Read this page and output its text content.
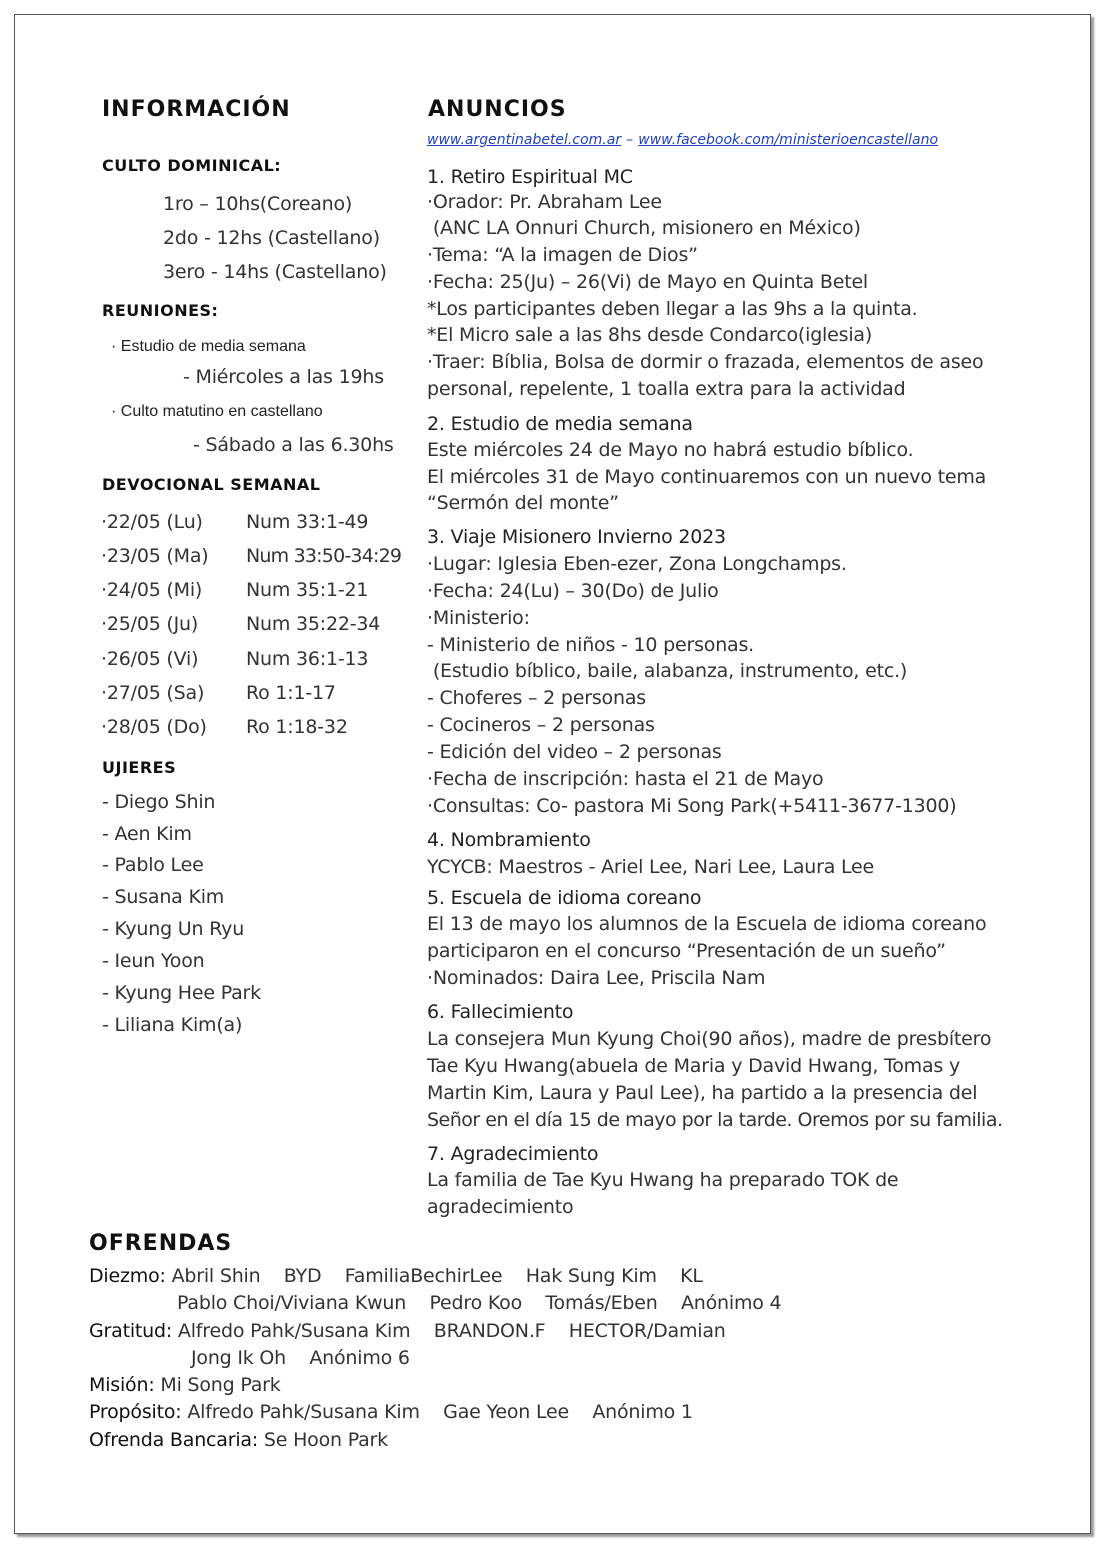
INFORMACIÓN
CULTO DOMINICAL:
1ro – 10hs(Coreano)
2do - 12hs (Castellano)
3ero - 14hs (Castellano)
REUNIONES:
· Estudio de media semana
- Miércoles a las 19hs
· Culto matutino en castellano
- Sábado a las 6.30hs
DEVOCIONAL SEMANAL
·22/05 (Lu) Num 33:1-49
·23/05 (Ma) Num 33:50-34:29
·24/05 (Mi) Num 35:1-21
·25/05 (Ju)	Num 35:22-34
·26/05 (Vi)	Num 36:1-13
·27/05 (Sa) Ro 1:1-17
·28/05 (Do) Ro 1:18-32
UJIERES
- Diego Shin
- Aen Kim
- Pablo Lee
- Susana Kim
- Kyung Un Ryu
- Ieun Yoon
- Kyung Hee Park
- Liliana Kim(a)
ANUNCIOS
www.argentinabetel.com.ar – www.facebook.com/ministerioencastellano
1. Retiro Espiritual MC
·Orador: Pr. Abraham Lee
(ANC LA Onnuri Church, misionero en México)
·Tema: “A la imagen de Dios”
·Fecha: 25(Ju) – 26(Vi) de Mayo en Quinta Betel
*Los participantes deben llegar a las 9hs a la quinta.
*El Micro sale a las 8hs desde Condarco(iglesia)
·Traer: Bíblia, Bolsa de dormir o frazada, elementos de aseo
personal, repelente, 1 toalla extra para la actividad
2. Estudio de media semana
Este miércoles 24 de Mayo no habrá estudio bíblico.
El miércoles 31 de Mayo continuaremos con un nuevo tema
“Sermón del monte”
3. Viaje Misionero Invierno 2023
·Lugar: Iglesia Eben-ezer, Zona Longchamps.
·Fecha: 24(Lu) – 30(Do) de Julio
·Ministerio:
- Ministerio de niños - 10 personas.
(Estudio bíblico, baile, alabanza, instrumento, etc.)
- Choferes – 2 personas
- Cocineros – 2 personas
- Edición del video – 2 personas
·Fecha de inscripción: hasta el 21 de Mayo
·Consultas: Co- pastora Mi Song Park(+5411-3677-1300)
4. Nombramiento
YCYCB: Maestros - Ariel Lee, Nari Lee, Laura Lee
5. Escuela de idioma coreano
El 13 de mayo los alumnos de la Escuela de idioma coreano
participaron en el concurso “Presentación de un sueño”
·Nominados: Daira Lee, Priscila Nam
6. Fallecimiento
La consejera Mun Kyung Choi(90 años), madre de presbítero
Tae Kyu Hwang(abuela de Maria y David Hwang, Tomas y
Martin Kim, Laura y Paul Lee), ha partido a la presencia del
Señor en el día 15 de mayo por la tarde. Oremos por su familia.
7. Agradecimiento
La familia de Tae Kyu Hwang ha preparado TOK de
agradecimiento
OFRENDAS
Diezmo: Abril Shin    BYD    FamiliaBechirLee    Hak Sung Kim    KL
Pablo Choi/Viviana Kwun    Pedro Koo    Tomás/Eben    Anónimo 4
Gratitud: Alfredo Pahk/Susana Kim    BRANDON.F    HECTOR/Damian
Jong Ik Oh    Anónimo 6
Misión: Mi Song Park
Propósito: Alfredo Pahk/Susana Kim    Gae Yeon Lee    Anónimo 1
Ofrenda Bancaria: Se Hoon Park
